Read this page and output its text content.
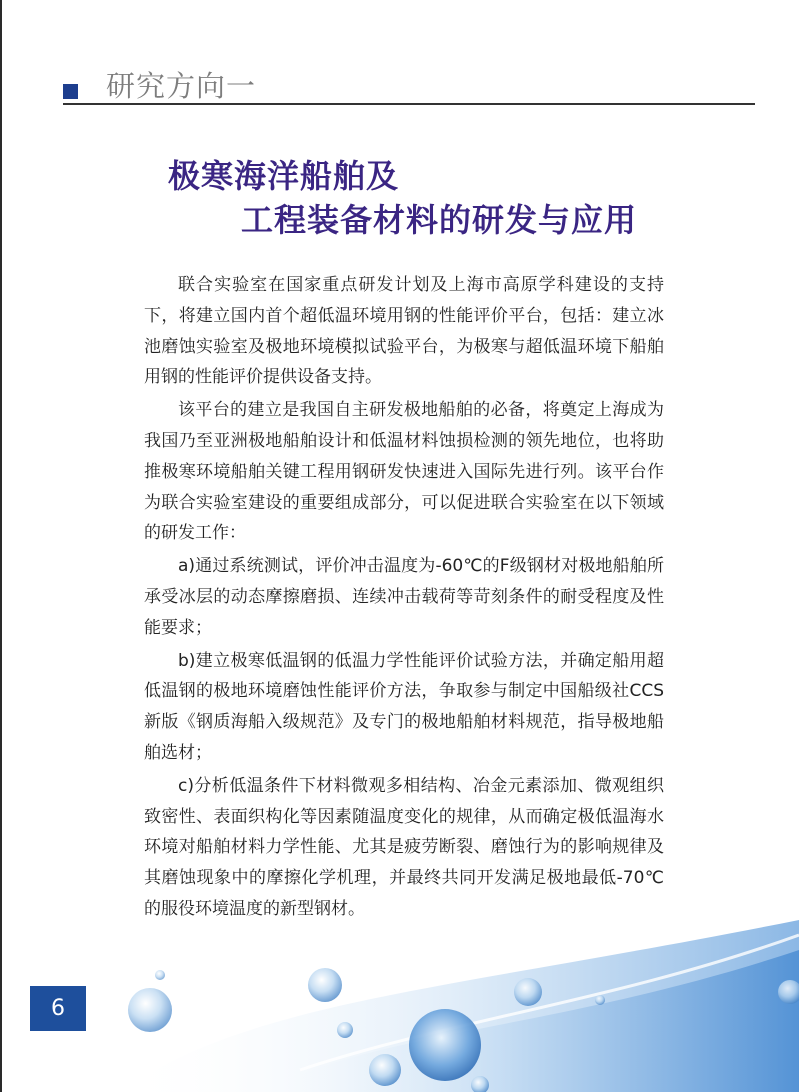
研究方向一
极寒海洋船舶及
工程装备材料的研发与应用

联合实验室在国家重点研发计划及上海市高原学科建设的支持下，将建立国内首个超低温环境用钢的性能评价平台，包括：建立冰池磨蚀实验室及极地环境模拟试验平台，为极寒与超低温环境下船舶用钢的性能评价提供设备支持。

该平台的建立是我国自主研发极地船舶的必备，将奠定上海成为我国乃至亚洲极地船舶设计和低温材料蚀损检测的领先地位，也将助推极寒环境船舶关键工程用钢研发快速进入国际先进行列。该平台作为联合实验室建设的重要组成部分，可以促进联合实验室在以下领域的研发工作：

a)通过系统测试，评价冲击温度为-60℃的F级钢材对极地船舶所承受冰层的动态摩擦磨损、连续冲击载荷等苛刻条件的耐受程度及性能要求；

b)建立极寒低温钢的低温力学性能评价试验方法，并确定船用超低温钢的极地环境磨蚀性能评价方法，争取参与制定中国船级社CCS新版《钢质海船入级规范》及专门的极地船舶材料规范，指导极地船舶选材；

c)分析低温条件下材料微观多相结构、冶金元素添加、微观组织致密性、表面织构化等因素随温度变化的规律，从而确定极低温海水环境对船舶材料力学性能、尤其是疲劳断裂、磨蚀行为的影响规律及其磨蚀现象中的摩擦化学机理，并最终共同开发满足极地最低-70℃的服役环境温度的新型钢材。

6
